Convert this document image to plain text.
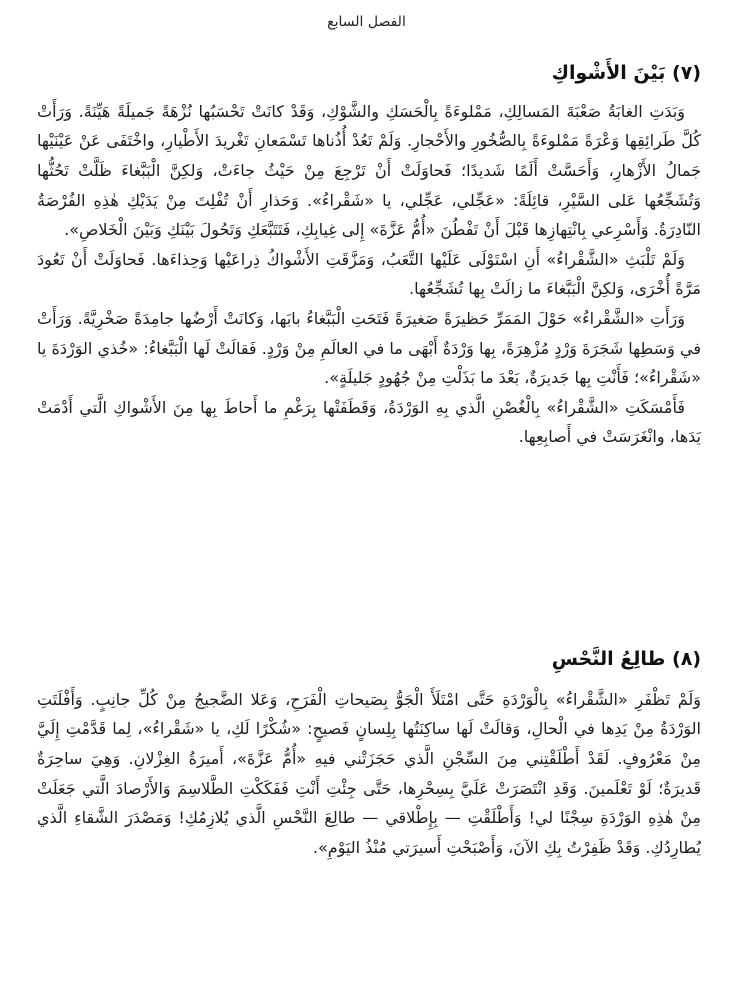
الفصل السابع
(٧) بَيْنَ الأَشْواكِ

وَبَدَتِ الغابَةُ صَعْبَةَ المَسالِكِ، مَمْلوءَةً بِالْحَسَكِ والشَّوْكِ، وَقَدْ كانَتْ تَحْسَبُها نُزْهَةً جَميلَةً هَيِّنَةً. وَرَأَتْ كُلَّ طَرائِقِها وَعْرَةً مَمْلوءَةً بِالصُّخُورِ والأَحْجارِ. وَلَمْ تَعُدْ أُذُناها تَسْمَعانِ تَغْريدَ الأَطْيارِ، واخْتَفَى عَنْ عَيْنَيْها جَمالُ الأَزْهارِ، وَأَحَسَّتْ أَلَمًا شَديدًا؛ فَحاوَلَتْ أَنْ تَرْجِعَ مِنْ حَيْثُ جاءَتْ، وَلكِنَّ الْبَبَّغاءَ ظَلَّتْ تَحُثُّها وَتُشَجِّعُها عَلى السَّيْرِ، قائِلَةً: «عَجِّلي، عَجِّلي، يا «شَقْراءُ». وَحَذارِ أَنْ تُفْلِتَ مِنْ يَدَيْكِ هٰذِهِ الفُرْصَةُ النّادِرَةُ. وَأَسْرِعي بِانْتِهازِها قَبْلَ أَنْ تَفْطُنَ «أُمُّ عَزَّةَ» إِلى غِيابِكِ، فَتَتَبَّعَكِ وَتَحُولَ بَيْنَكِ وَبَيْنَ الْخَلاصِ».

وَلَمْ تَلْبَثِ «الشَّقْراءُ» أَنِ اسْتَوْلَى عَلَيْها التَّعَبُ، وَمَزَّقَتِ الأَشْواكُ ذِراعَيْها وَحِذاءَها. فَحاوَلَتْ أَنْ تَعُودَ مَرَّةً أُخْرَى، وَلكِنَّ الْبَبَّغاءَ ما زالَتْ بِها تُشَجِّعُها.

وَرَأَتِ «الشَّقْراءُ» حَوْلَ المَمَرِّ حَظيرَةً صَغيرَةً فَتَحَتِ الْبَبَّغاءُ بابَها، وَكانَتْ أَرْضُها جامِدَةً صَخْرِيَّةً. وَرَأَتْ في وَسَطِها شَجَرَةَ وَرْدٍ مُزْهِرَةً، بِها وَرْدَةٌ أَبْهَى ما في العالَمِ مِنْ وَرْدٍ. فَقالَتْ لَها الْبَبَّغاءُ: «خُذي الوَرْدَةَ يا «شَقْراءُ»؛ فَأَنْتِ بِها جَديرَةٌ، بَعْدَ ما بَذَلْتِ مِنْ جُهُودٍ جَليلَةٍ».

فَأَمْسَكَتِ «الشَّقْراءُ» بِالْغُصْنِ الَّذي بِهِ الوَرْدَةُ، وَقَطَفَتْها بِرَغْمِ ما أَحاطَ بِها مِنَ الأَشْواكِ الَّتي أَدْمَتْ يَدَها، وانْغَرَسَتْ في أَصابِعِها.

(٨) طالِعُ النَّحْسِ

وَلَمْ تَظْفَرِ «الشَّقْراءُ» بِالْوَرْدَةِ حَتَّى امْتَلَأَ الْجَوُّ بِصَيحاتِ الْفَرَحِ، وَعَلا الضَّجيجُ مِنْ كُلِّ جانِبٍ. وَأَفْلَتَتِ الوَرْدَةُ مِنْ يَدِها في الْحالِ، وَقالَتْ لَها ساكِنَتُها بِلِسانٍ فَصيحٍ: «شُكْرًا لَكِ، يا «شَقْراءُ»، لِما قَدَّمْتِ إِلَيَّ مِنْ مَعْرُوفٍ. لَقَدْ أَطْلَقْتِني مِنَ السِّجْنِ الَّذي حَجَزَتْني فيهِ «أُمُّ عَزَّةَ»، أَميرَةُ الغِزْلانِ. وَهِيَ ساحِرَةٌ قَديرَةٌ؛ لَوْ تَعْلَمينَ. وَقَدِ انْتَصَرَتْ عَلَيَّ بِسِحْرِها، حَتَّى جِئْتِ أَنْتِ فَفَكَكْتِ الطَّلاسِمَ وَالأَرْصادَ الَّتي جَعَلَتْ مِنْ هٰذِهِ الوَرْدَةِ سِجْنًا لي! وَأَطْلَقْتِ — بِإِطْلاقي — طالِعَ النَّحْسِ الَّذي يُلازِمُكِ! وَمَصْدَرَ الشَّقاءِ الَّذي يُطارِدُكِ. وَقَدْ ظَفِرْتُ بِكِ الآنَ، وَأَصْبَحْتِ أَسيرَتي مُنْذُ اليَوْمِ».
